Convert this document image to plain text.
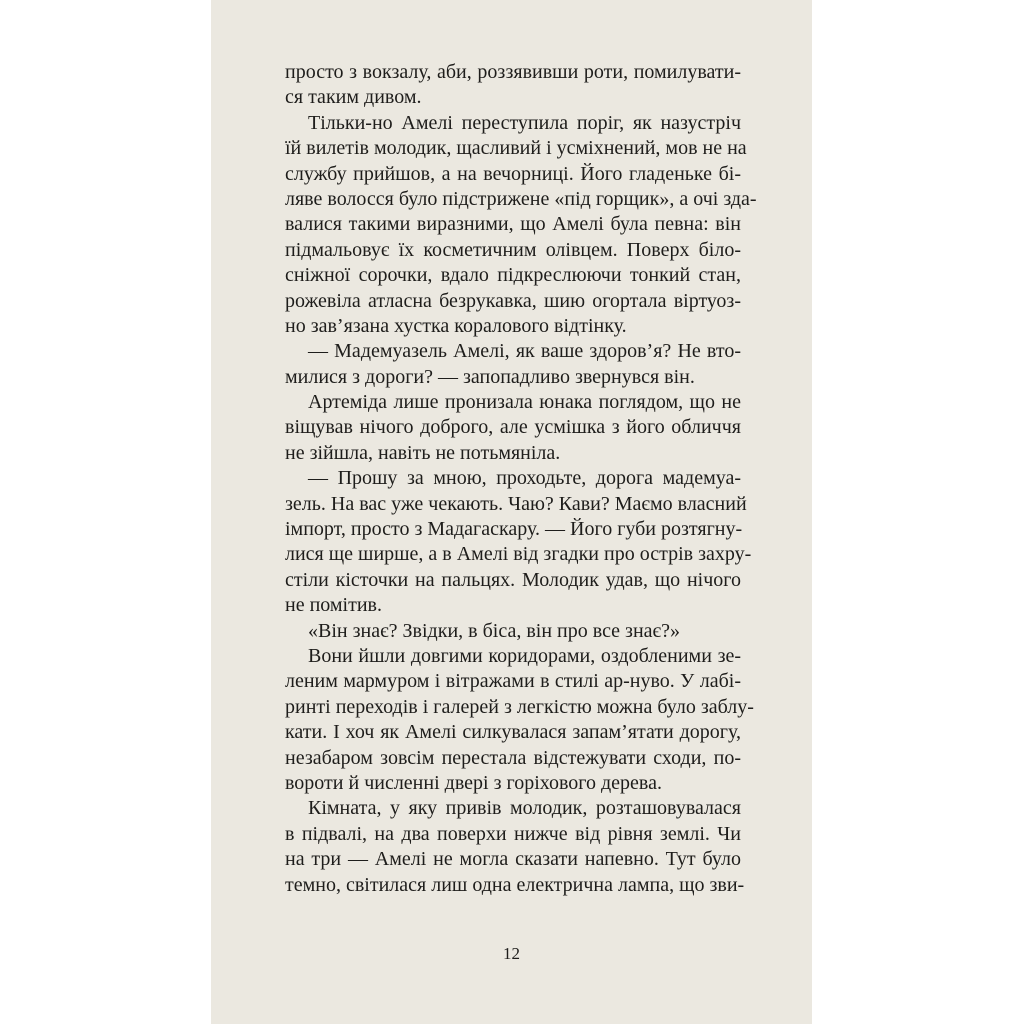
просто з вокзалу, аби, роззявивши роти, помилувати-
ся таким дивом.
Тільки-но Амелі переступила поріг, як назустріч
їй вилетів молодик, щасливий і усміхнений, мов не на
службу прийшов, а на вечорниці. Його гладеньке бі-
ляве волосся було підстрижене «під горщик», а очі зда-
валися такими виразними, що Амелі була певна: він
підмальовує їх косметичним олівцем. Поверх біло-
сніжної сорочки, вдало підкреслюючи тонкий стан,
рожевіла атласна безрукавка, шию огортала віртуоз-
но зав’язана хустка коралового відтінку.
— Мадемуазель Амелі, як ваше здоров’я? Не вто-
милися з дороги? — запопадливо звернувся він.
Артеміда лише пронизала юнака поглядом, що не
віщував нічого доброго, але усмішка з його обличчя
не зійшла, навіть не потьмяніла.
— Прошу за мною, проходьте, дорога мадемуа-
зель. На вас уже чекають. Чаю? Кави? Маємо власний
імпорт, просто з Мадагаскару. — Його губи розтягну-
лися ще ширше, а в Амелі від згадки про острів захру-
стіли кісточки на пальцях. Молодик удав, що нічого
не помітив.
«Він знає? Звідки, в біса, він про все знає?»
Вони йшли довгими коридорами, оздобленими зе-
леним мармуром і вітражами в стилі ар-нуво. У лабі-
ринті переходів і галерей з легкістю можна було заблу-
кати. І хоч як Амелі силкувалася запам’ятати дорогу,
незабаром зовсім перестала відстежувати сходи, по-
вороти й численні двері з горіхового дерева.
Кімната, у яку привів молодик, розташовувалася
в підвалі, на два поверхи нижче від рівня землі. Чи
на три — Амелі не могла сказати напевно. Тут було
темно, світилася лиш одна електрична лампа, що зви-
12
